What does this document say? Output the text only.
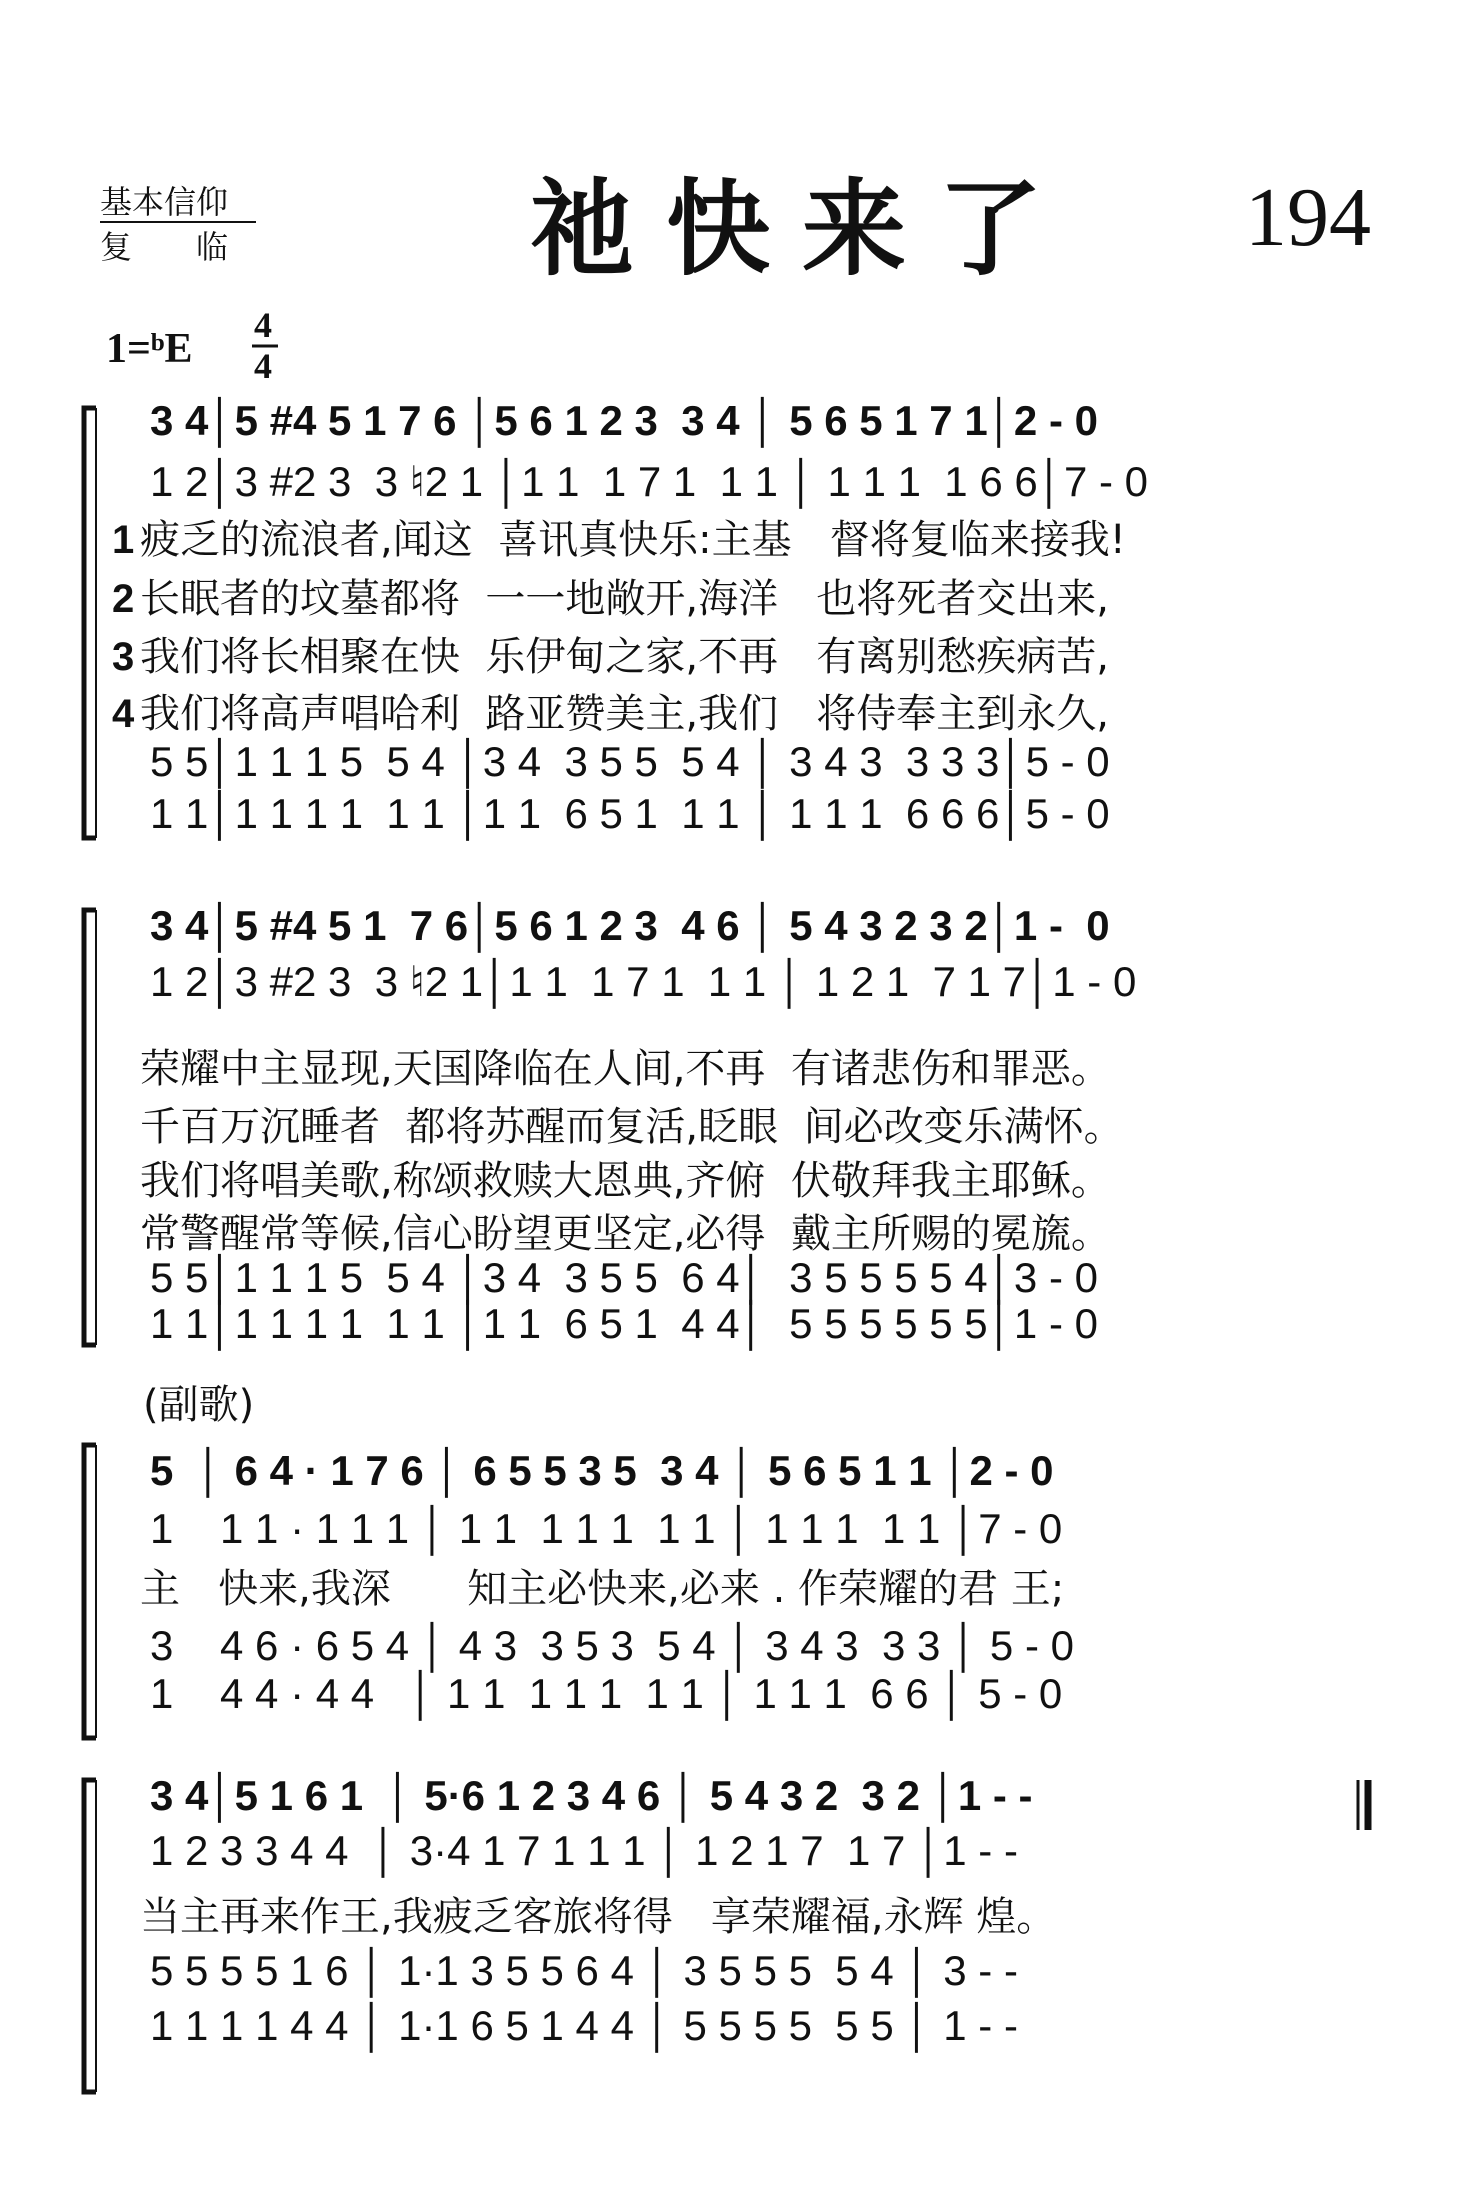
基本信仰
复　　临	祂快来了 194
1=ᵇE
4
4
3 4│5 #4 5 1 7 6 │5 6 1 2 3  3 4 │ 5 6 5 1 7 1│2 - 0
1 2│3 #2 3  3 ♮2 1 │1 1  1 7 1  1 1 │ 1 1 1  1 6 6│7 - 0
1 疲乏的流浪者,闻这  喜讯真快乐:主基   督将复临来接我!
2 长眠者的坟墓都将  一一地敞开,海洋   也将死者交出来,
3 我们将长相聚在快  乐伊甸之家,不再   有离别愁疾病苦,
4 我们将高声唱哈利  路亚赞美主,我们   将侍奉主到永久,
5 5│1 1 1 5  5 4 │3 4  3 5 5  5 4 │ 3 4 3  3 3 3│5 - 0
1 1│1 1 1 1  1 1 │1 1  6 5 1  1 1 │ 1 1 1  6 6 6│5 - 0
3 4│5 #4 5 1  7 6│5 6 1 2 3  4 6 │ 5 4 3 2 3 2│1 -  0
1 2│3 #2 3  3 ♮2 1│1 1  1 7 1  1 1 │ 1 2 1  7 1 7│1 - 0
荣耀中主显现,天国降临在人间,不再  有诸悲伤和罪恶。
千百万沉睡者  都将苏醒而复活,眨眼  间必改变乐满怀。
我们将唱美歌,称颂救赎大恩典,齐俯  伏敬拜我主耶稣。
常警醒常等候,信心盼望更坚定,必得  戴主所赐的冕旒。
5 5│1 1 1 5  5 4 │3 4  3 5 5  6 4│  3 5 5 5 5 4│3 - 0
1 1│1 1 1 1  1 1 │1 1  6 5 1  4 4│  5 5 5 5 5 5│1 - 0
(副歌)
5  │ 6 4 · 1 7 6 │ 6 5 5 3 5  3 4 │ 5 6 5 1 1 │2 - 0
1    1 1 · 1 1 1 │ 1 1  1 1 1  1 1 │ 1 1 1  1 1 │7 - 0
主   快来,我深      知主必快来,必来 . 作荣耀的君 王;
3    4 6 · 6 5 4 │ 4 3  3 5 3  5 4 │ 3 4 3  3 3 │ 5 - 0
1    4 4 · 4 4   │ 1 1  1 1 1  1 1 │ 1 1 1  6 6 │ 5 - 0
3 4│5 1 6 1  │ 5·6 1 2 3 4 6 │ 5 4 3 2  3 2 │1 - -
1 2 3 3 4 4  │ 3·4 1 7 1 1 1 │ 1 2 1 7  1 7 │1 - -
当主再来作王,我疲乏客旅将得   享荣耀福,永辉 煌。
5 5 5 5 1 6 │ 1·1 3 5 5 6 4 │ 3 5 5 5  5 4 │ 3 - -
1 1 1 1 4 4 │ 1·1 6 5 1 4 4 │ 5 5 5 5  5 5 │ 1 - -
